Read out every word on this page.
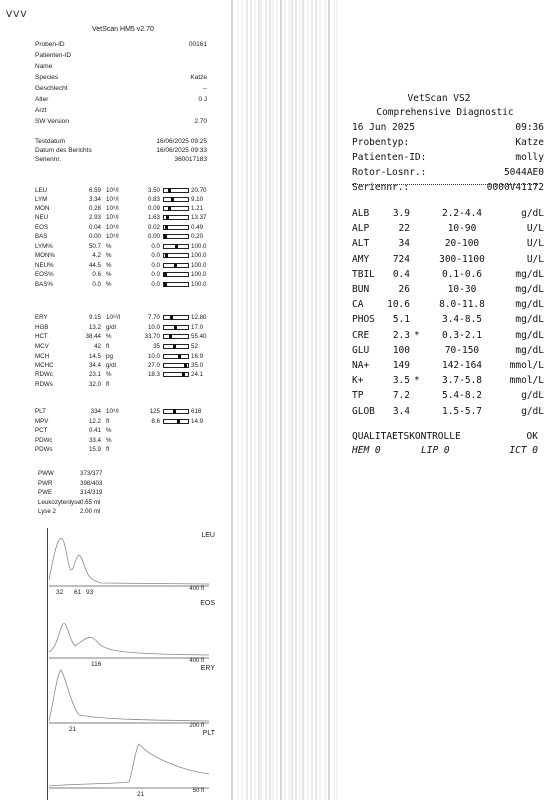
ᐯᐯᐯ
VetScan HM5 v2.70
Proben-ID	00161
Patienten-ID
Name
Species	Katze
Geschlecht	--
Alter	0 J
Arzt
SW Version	2.70
Testdatum	16/06/2025 09:25
Datum des Berichts	16/06/2025 09:33
Seriennr.	360017183
LEU	6.59 10⁹/l	3.50	20.70
LYM	3.34 10⁹/l	0.83	9.10
MON	0.28 10⁹/l	0.09	1.21
NEU	2.93 10⁹/l	1.63	13.37
EOS	0.04 10⁹/l	0.02	0.49
BAS	0.00 10⁹/l	0.00	0.20
LYM%	50.7 %	0.0	100.0
MON%	4.2 %	0.0	100.0
NEU%	44.5 %	0.0	100.0
EOS%	0.6 %	0.0	100.0
BAS%	0.0 %	0.0	100.0
ERY	9.15 10¹²/l	7.70	12.80
HGB	13.2 g/dl	10.0	17.0
HCT	38.44 %	33.70	55.40
MCV	42 fl	35	52
MCH	14.5 pg	10.0	16.9
MCHC	34.4 g/dl	27.0	35.0
RDWc	23.1 %	18.3	24.1
RDWs	32.0 fl
PLT	334 10⁹/l	125	618
MPV	12.2 fl	8.6	14.9
PCT	0.41 %
PDWc	33.4 %
PDWs	15.9 fl
PWW	373/377
PWR	398/403
PWE	314/319
Leukozytenlyse 0.65 ml
Lyse 2	2.00 ml
LEU
400 fl
32 61 93
EOS
400 fl
116
ERY
200 fl
21
PLT
50 fl
21
VetScan VS2
Comprehensive Diagnostic
16 Jun 2025	09:36
Probentyp:	Katze
Patienten-ID:	molly
Rotor-Losnr.:	5044AE0
Seriennr.:	0000V41172
ALB	3.9	2.2-4.4	g/dL
ALP	22	10-90	U/L
ALT	34	20-100	U/L
AMY	724	300-1100	U/L
TBIL	0.4	0.1-0.6	mg/dL
BUN	26	10-30	mg/dL
CA	10.6	8.0-11.8	mg/dL
PHOS	5.1	3.4-8.5	mg/dL
CRE	2.3 *	0.3-2.1	mg/dL
GLU	100	70-150	mg/dL
NA+	149	142-164	mmol/L
K+	3.5 *	3.7-5.8	mmol/L
TP	7.2	5.4-8.2	g/dL
GLOB	3.4	1.5-5.7	g/dL
QUALITAETSKONTROLLE	OK
HEM 0	LIP 0	ICT 0
